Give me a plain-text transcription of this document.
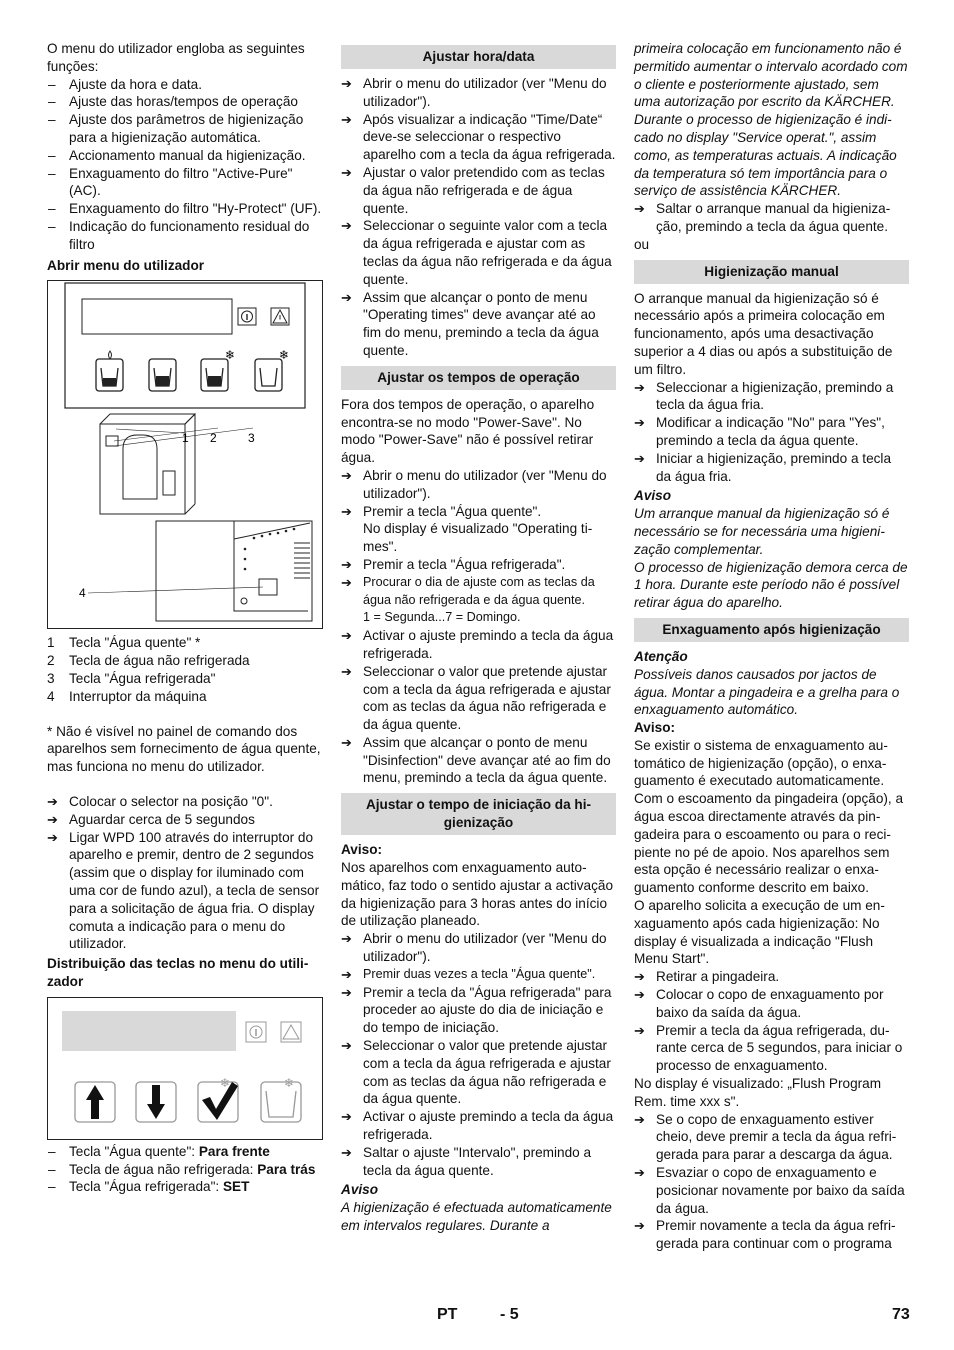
O menu do utilizador engloba as seguintes funções:

– Ajuste da hora e data.
– Ajuste das horas/tempos de operação
– Ajuste dos parâmetros de higienização para a higienização automática.
– Accionamento manual da higienização.
– Enxaguamento do filtro "Active-Pure" (AC).
– Enxaguamento do filtro "Hy-Protect" (UF).
– Indicação do funcionamento residual do filtro

Abrir menu do utilizador

❄	❄
1 2	3
4
1 Tecla "Água quente" *
2 Tecla de água não refrigerada
3 Tecla "Água refrigerada"
4 Interruptor da máquina

* Não é visível no painel de comando dos aparelhos sem fornecimento de água quente, mas funciona no menu do utilizador.

➔ Colocar o selector na posição "0".
➔ Aguardar cerca de 5 segundos
➔ Ligar WPD 100 através do interruptor do aparelho e premir, dentro de 2 segundos (assim que o display for iluminado com uma cor de fundo azul), a tecla de sensor para a solicitação de água fria. O display comuta a indicação para o menu do utilizador.

Distribuição das teclas no menu do utilizador

❄	❄
– Tecla "Água quente": Para frente
– Tecla de água não refrigerada: Para trás
– Tecla "Água refrigerada": SET
Ajustar hora/data
➔ Abrir o menu do utilizador (ver "Menu do utilizador").
➔ Após visualizar a indicação "Time/Date“ deve-se seleccionar o respectivo aparelho com a tecla da água refrigerada.
➔ Ajustar o valor pretendido com as teclas da água não refrigerada e de água quente.
➔ Seleccionar o seguinte valor com a tecla da água refrigerada e ajustar com as teclas da água não refrigerada e da água quente.
➔ Assim que alcançar o ponto de menu "Operating times" deve avançar até ao fim do menu, premindo a tecla da água quente.
Ajustar os tempos de operação

Fora dos tempos de operação, o aparelho encontra-se no modo "Power-Save". No modo "Power-Save" não é possível retirar água.

➔ Abrir o menu do utilizador (ver "Menu do utilizador").
➔ Premir a tecla "Água quente".
No display é visualizado "Operating times".
➔ Premir a tecla "Água refrigerada".
➔ Procurar o dia de ajuste com as teclas da água não refrigerada e da água quente.
1 = Segunda...7 = Domingo.
➔ Activar o ajuste premindo a tecla da água refrigerada.
➔ Seleccionar o valor que pretende ajustar com a tecla da água refrigerada e ajustar com as teclas da água não refrigerada e da água quente.
➔ Assim que alcançar o ponto de menu "Disinfection" deve avançar até ao fim do menu, premindo a tecla da água quente.
Ajustar o tempo de iniciação da higienização

Aviso:

Nos aparelhos com enxaguamento automático, faz todo o sentido ajustar a activação da higienização para 3 horas antes do início de utilização planeado.

➔ Abrir o menu do utilizador (ver "Menu do utilizador").
➔ Premir duas vezes a tecla "Água quente".
➔ Premir a tecla da "Água refrigerada" para proceder ao ajuste do dia de iniciação e do tempo de iniciação.
➔ Seleccionar o valor que pretende ajustar com a tecla da água refrigerada e ajustar com as teclas da água não refrigerada e da água quente.
➔ Activar o ajuste premindo a tecla da água refrigerada.
➔ Saltar o ajuste "Intervalo", premindo a tecla da água quente.

Aviso

A higienização é efectuada automaticamente em intervalos regulares. Durante a

primeira colocação em funcionamento não é permitido aumentar o intervalo acordado com o cliente e posteriormente ajustado, sem uma autorização por escrito da KÄRCHER.

Durante o processo de higienização é indicado no display "Service operat.", assim como, as temperaturas actuais. A indicação da temperatura só tem importância para o serviço de assistência KÄRCHER.

➔ Saltar o arranque manual da higienização, premindo a tecla da água quente.

ou

Higienização manual

O arranque manual da higienização só é necessário após a primeira colocação em funcionamento, após uma desactivação superior a 4 dias ou após a substituição de um filtro.

➔ Seleccionar a higienização, premindo a tecla da água fria.
➔ Modificar a indicação "No" para "Yes", premindo a tecla da água quente.
➔ Iniciar a higienização, premindo a tecla da água fria.

Aviso

Um arranque manual da higienização só é necessário se for necessária uma higienização complementar.

O processo de higienização demora cerca de 1 hora. Durante este período não é possível retirar água do aparelho.

Enxaguamento após higienização

Atenção

Possíveis danos causados por jactos de água. Montar a pingadeira e a grelha para o enxaguamento automático.

Aviso:

Se existir o sistema de enxaguamento automático de higienização (opção), o enxaguamento é executado automaticamente. Com o escoamento da pingadeira (opção), a água escoa directamente através da pingadeira para o escoamento ou para o recipiente no pé de apoio. Nos aparelhos sem esta opção é necessário realizar o enxaguamento conforme descrito em baixo.

O aparelho solicita a execução de um enxaguamento após cada higienização: No display é visualizada a indicação "Flush Menu Start".

➔ Retirar a pingadeira.
➔ Colocar o copo de enxaguamento por baixo da saída da água.
➔ Premir a tecla da água refrigerada, durante cerca de 5 segundos, para iniciar o processo de enxaguamento.

No display é visualizado: „Flush Program Rem. time xxx s".

➔ Se o copo de enxaguamento estiver cheio, deve premir a tecla da água refrigerada para parar a descarga da água.
➔ Esvaziar o copo de enxaguamento e posicionar novamente por baixo da saída da água.
➔ Premir novamente a tecla da água refrigerada para continuar com o programa
PT	- 5	73
